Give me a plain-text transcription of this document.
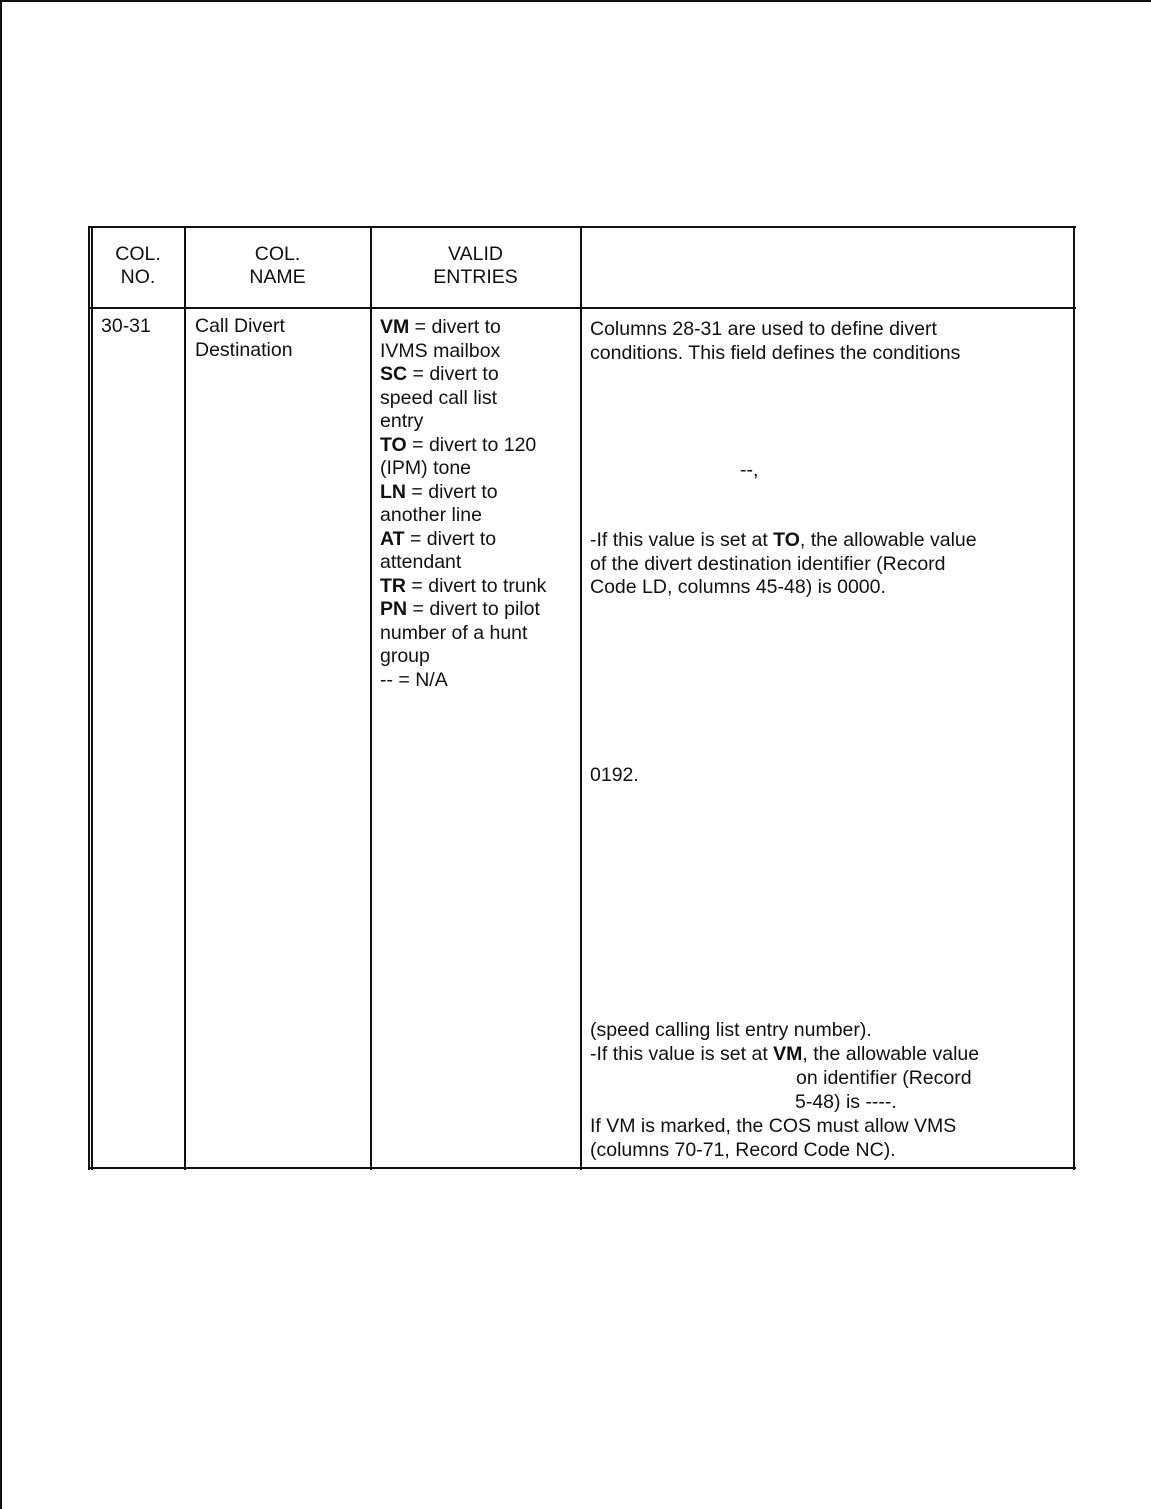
COL.
NO.
COL.
NAME
VALID
ENTRIES
30-31 Call Divert
Destination
VM = divert to
IVMS mailbox
SC = divert to
speed call list
entry
TO = divert to 120
(IPM) tone
LN = divert to
another line
AT = divert to
attendant
TR = divert to trunk
PN = divert to pilot
number of a hunt
group
-- = N/A
Columns 28-31 are used to define divert
conditions. This field defines the conditions
--,
-If this value is set at TO, the allowable value
of the divert destination identifier (Record
Code LD, columns 45-48) is 0000.
0192.
(speed calling list entry number).
-If this value is set at VM, the allowable value
on identifier (Record
5-48) is ----.
If VM is marked, the COS must allow VMS
(columns 70-71, Record Code NC).
